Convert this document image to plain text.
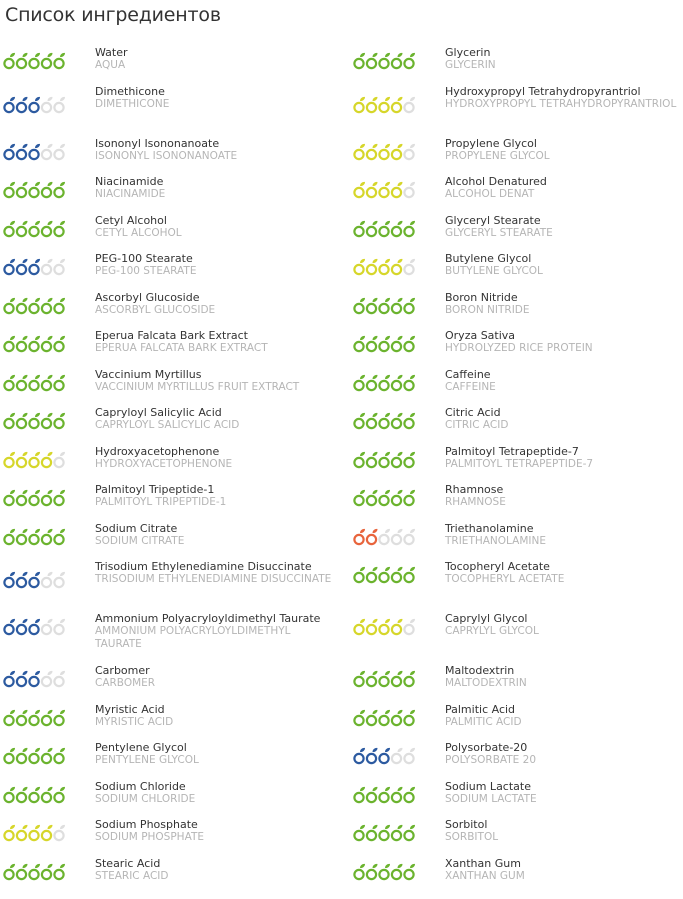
Список ингредиентов
Water
AQUA
Dimethicone
DIMETHICONE
Isononyl Isononanoate
ISONONYL ISONONANOATE
Niacinamide
NIACINAMIDE
Cetyl Alcohol
CETYL ALCOHOL
PEG-100 Stearate
PEG-100 STEARATE
Ascorbyl Glucoside
ASCORBYL GLUCOSIDE
Eperua Falcata Bark Extract
EPERUA FALCATA BARK EXTRACT
Vaccinium Myrtillus
VACCINIUM MYRTILLUS FRUIT EXTRACT
Capryloyl Salicylic Acid
CAPRYLOYL SALICYLIC ACID
Hydroxyacetophenone
HYDROXYACETOPHENONE
Palmitoyl Tripeptide-1
PALMITOYL TRIPEPTIDE-1
Sodium Citrate
SODIUM CITRATE
Trisodium Ethylenediamine Disuccinate
TRISODIUM ETHYLENEDIAMINE DISUCCINATE
Ammonium Polyacryloyldimethyl Taurate
AMMONIUM POLYACRYLOYLDIMETHYL TAURATE
Carbomer
CARBOMER
Myristic Acid
MYRISTIC ACID
Pentylene Glycol
PENTYLENE GLYCOL
Sodium Chloride
SODIUM CHLORIDE
Sodium Phosphate
SODIUM PHOSPHATE
Stearic Acid
STEARIC ACID
Glycerin
GLYCERIN
Hydroxypropyl Tetrahydropyrantriol
HYDROXYPROPYL TETRAHYDROPYRANTRIOL
Propylene Glycol
PROPYLENE GLYCOL
Alcohol Denatured
ALCOHOL DENAT
Glyceryl Stearate
GLYCERYL STEARATE
Butylene Glycol
BUTYLENE GLYCOL
Boron Nitride
BORON NITRIDE
Oryza Sativa
HYDROLYZED RICE PROTEIN
Caffeine
CAFFEINE
Citric Acid
CITRIC ACID
Palmitoyl Tetrapeptide-7
PALMITOYL TETRAPEPTIDE-7
Rhamnose
RHAMNOSE
Triethanolamine
TRIETHANOLAMINE
Tocopheryl Acetate
TOCOPHERYL ACETATE
Caprylyl Glycol
CAPRYLYL GLYCOL
Maltodextrin
MALTODEXTRIN
Palmitic Acid
PALMITIC ACID
Polysorbate-20
POLYSORBATE 20
Sodium Lactate
SODIUM LACTATE
Sorbitol
SORBITOL
Xanthan Gum
XANTHAN GUM
